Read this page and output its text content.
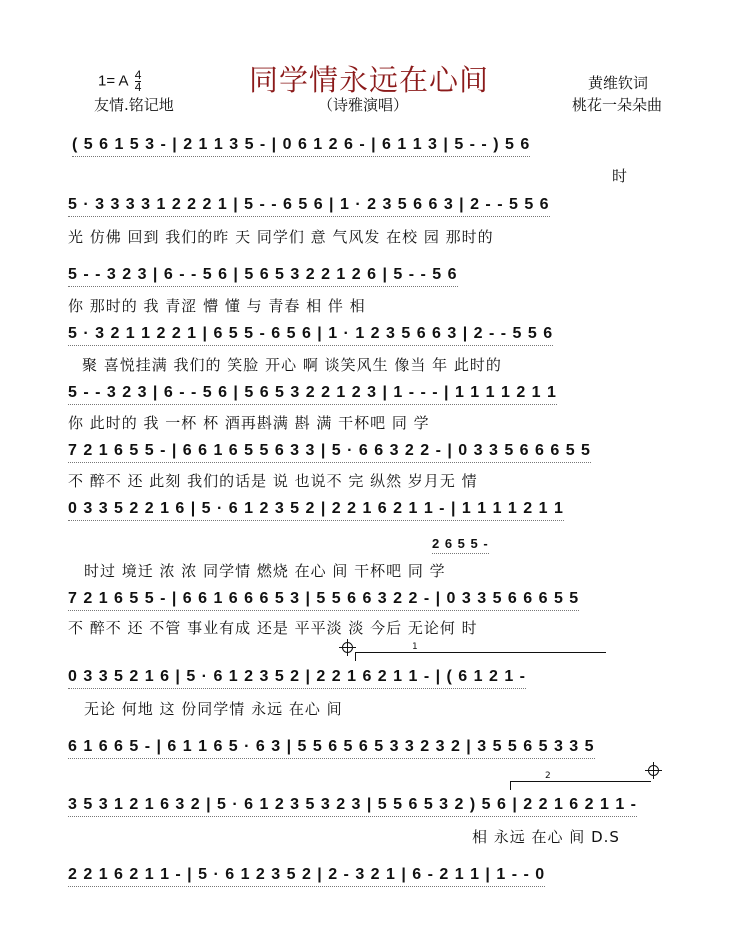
同学情永远在心间
1= A $\frac{4}{4}$
友情.铭记地	（诗雅演唱）
黄维钦词
桃花一朵朵曲
( 5 6 1 5 3 - | 2 1 1 3 5 - | 0 6 1 2 6 - | 6 1 1 3 | 5 - - ) 5 6
时
5 · 3 3 3 3 1 2 2 2 1 | 5 - - 6 5 6 | 1 · 2 3 5 6 6 3 | 2 - - 5 5 6
光 仿佛 回到 我们的昨 天 同学们 意 气风发 在校 园 那时的
5 - - 3 2 3 | 6 - - 5 6 | 5 6 5 3 2 2 1 2 6 | 5 - - 5 6
你 那时的 我 青涩 懵 懂 与 青春 相 伴 相
5 · 3 2 1 1 2 2 1 | 6 5 5 - 6 5 6 | 1 · 1 2 3 5 6 6 3 | 2 - - 5 5 6
聚 喜悦挂满 我们的 笑脸 开心 啊 谈笑风生 像当 年 此时的
5 - - 3 2 3 | 6 - - 5 6 | 5 6 5 3 2 2 1 2 3 | 1 - - - | 1 1 1 1 2 1 1
你 此时的 我 一杯 杯 酒再斟满 斟 满 干杯吧 同 学
7 2 1 6 5 5 - | 6 6 1 6 5 5 6 3 3 | 5 · 6 6 3 2 2 - | 0 3 3 5 6 6 6 5 5
不 醉不 还 此刻 我们的话是 说 也说不 完 纵然 岁月无 情
0 3 3 5 2 2 1 6 | 5 · 6 1 2 3 5 2 | 2 2 1 6 2 1 1 - | 1 1 1 1 2 1 1
2 6 5 5 -
时过 境迁 浓 浓 同学情 燃烧 在心 间 干杯吧 同 学
7 2 1 6 5 5 - | 6 6 1 6 6 6 5 3 | 5 5 6 6 3 2 2 - | 0 3 3 5 6 6 6 5 5
不 醉不 还 不管 事业有成 还是 平平淡 淡 今后 无论何 时
1
0 3 3 5 2 1 6 | 5 · 6 1 2 3 5 2 | 2 2 1 6 2 1 1 - | ( 6 1 2 1 -
无论 何地 这 份同学情 永远 在心 间
6 1 6 6 5 - | 6 1 1 6 5 · 6 3 | 5 5 6 5 6 5 3 3 2 3 2 | 3 5 5 6 5 3 3 5
2
3 5 3 1 2 1 6 3 2 | 5 · 6 1 2 3 5 3 2 3 | 5 5 6 5 3 2 ) 5 6 | 2 2 1 6 2 1 1 -
相 永远 在心 间 D.S
2 2 1 6 2 1 1 - | 5 · 6 1 2 3 5 2 | 2 - 3 2 1 | 6 - 2 1 1 | 1 - - 0
